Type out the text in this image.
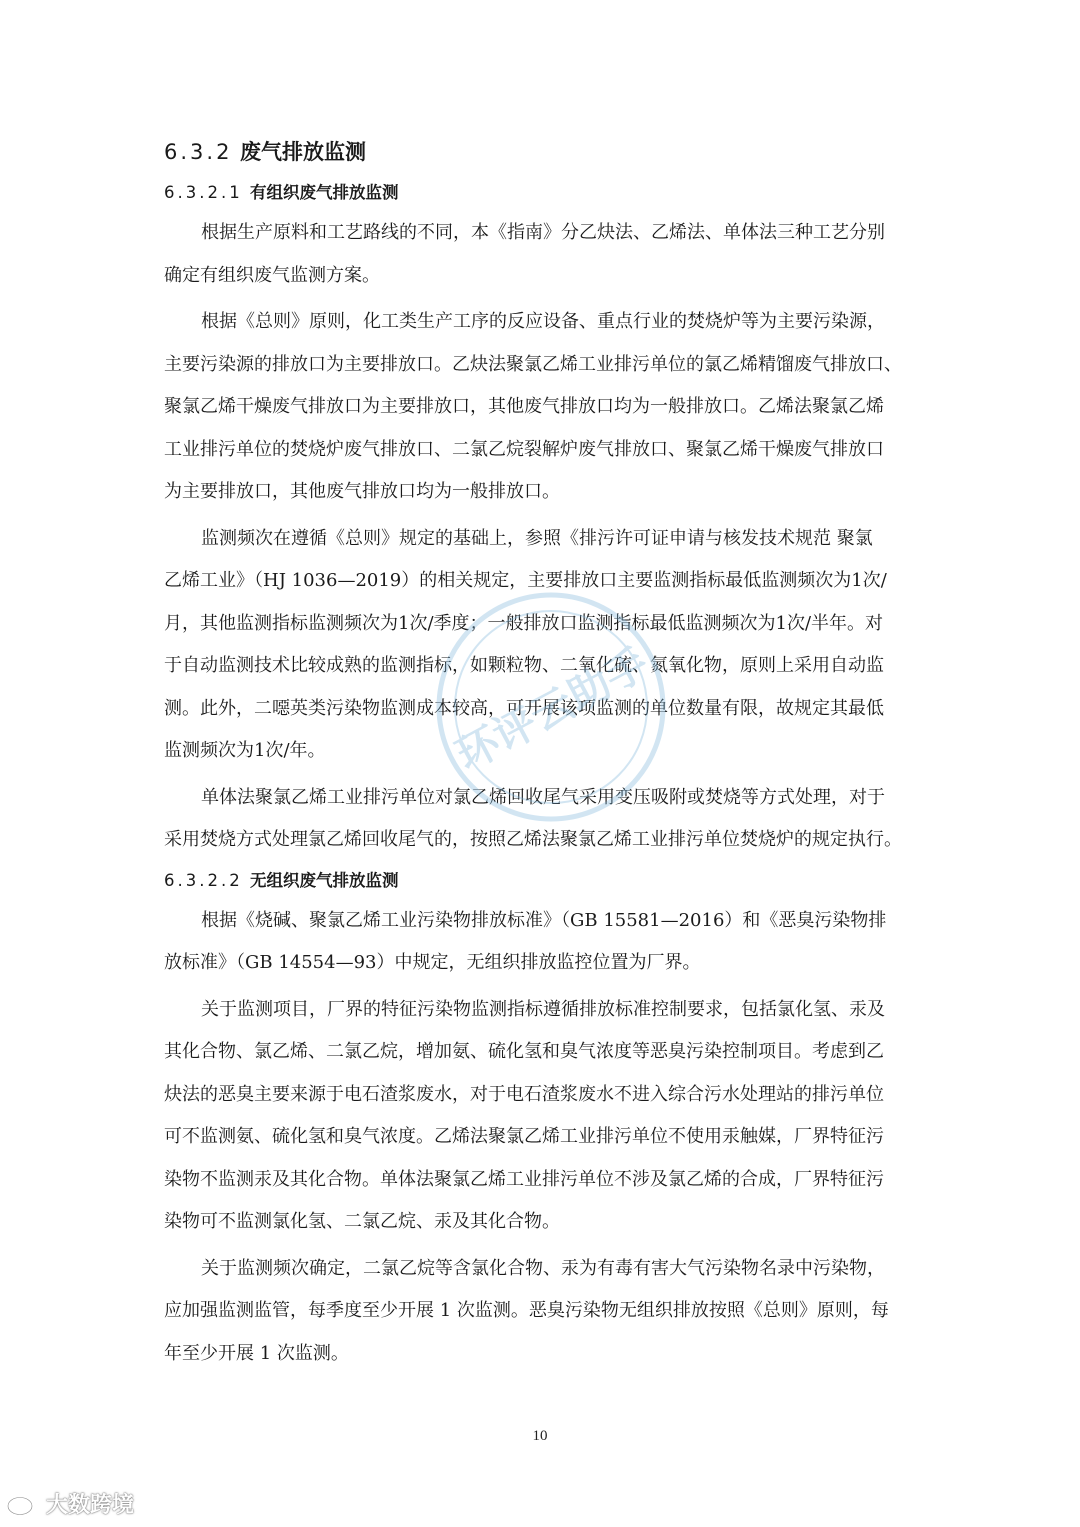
6.3.2 废气排放监测
6.3.2.1 有组织废气排放监测
根据生产原料和工艺路线的不同，本《指南》分乙炔法、乙烯法、单体法三种工艺分别
确定有组织废气监测方案。
根据《总则》原则，化工类生产工序的反应设备、重点行业的焚烧炉等为主要污染源，
主要污染源的排放口为主要排放口。乙炔法聚氯乙烯工业排污单位的氯乙烯精馏废气排放口、
聚氯乙烯干燥废气排放口为主要排放口，其他废气排放口均为一般排放口。乙烯法聚氯乙烯
工业排污单位的焚烧炉废气排放口、二氯乙烷裂解炉废气排放口、聚氯乙烯干燥废气排放口
为主要排放口，其他废气排放口均为一般排放口。
监测频次在遵循《总则》规定的基础上，参照《排污许可证申请与核发技术规范 聚氯
乙烯工业》（HJ 1036—2019）的相关规定，主要排放口主要监测指标最低监测频次为1次/
月，其他监测指标监测频次为1次/季度；一般排放口监测指标最低监测频次为1次/半年。对
于自动监测技术比较成熟的监测指标，如颗粒物、二氧化硫、氮氧化物，原则上采用自动监
测。此外，二噁英类污染物监测成本较高，可开展该项监测的单位数量有限，故规定其最低
监测频次为1次/年。
单体法聚氯乙烯工业排污单位对氯乙烯回收尾气采用变压吸附或焚烧等方式处理，对于
采用焚烧方式处理氯乙烯回收尾气的，按照乙烯法聚氯乙烯工业排污单位焚烧炉的规定执行。
6.3.2.2 无组织废气排放监测
根据《烧碱、聚氯乙烯工业污染物排放标准》（GB 15581—2016）和《恶臭污染物排
放标准》（GB 14554—93）中规定，无组织排放监控位置为厂界。
关于监测项目，厂界的特征污染物监测指标遵循排放标准控制要求，包括氯化氢、汞及
其化合物、氯乙烯、二氯乙烷，增加氨、硫化氢和臭气浓度等恶臭污染控制项目。考虑到乙
炔法的恶臭主要来源于电石渣浆废水，对于电石渣浆废水不进入综合污水处理站的排污单位
可不监测氨、硫化氢和臭气浓度。乙烯法聚氯乙烯工业排污单位不使用汞触媒，厂界特征污
染物不监测汞及其化合物。单体法聚氯乙烯工业排污单位不涉及氯乙烯的合成，厂界特征污
染物可不监测氯化氢、二氯乙烷、汞及其化合物。
关于监测频次确定，二氯乙烷等含氯化合物、汞为有毒有害大气污染物名录中污染物，
应加强监测监管，每季度至少开展 1 次监测。恶臭污染物无组织排放按照《总则》原则，每
年至少开展 1 次监测。
环评云助手
10
大数跨境
